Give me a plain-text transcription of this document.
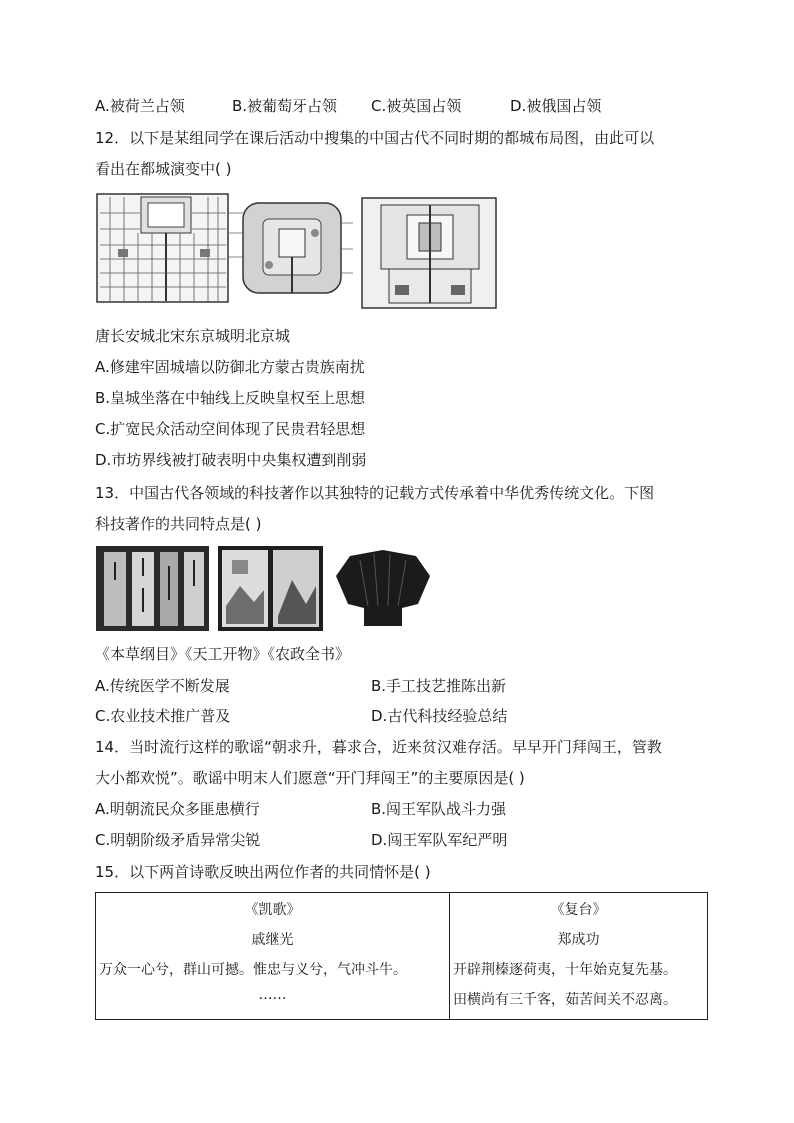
A.被荷兰占领	B.被葡萄牙占领 C.被英国占领	D.被俄国占领
12．以下是某组同学在课后活动中搜集的中国古代不同时期的都城布局图，由此可以
看出在都城演变中( )
唐长安城北宋东京城明北京城
A.修建牢固城墙以防御北方蒙古贵族南扰
B.皇城坐落在中轴线上反映皇权至上思想
C.扩宽民众活动空间体现了民贵君轻思想
D.市坊界线被打破表明中央集权遭到削弱
13．中国古代各领域的科技著作以其独特的记载方式传承着中华优秀传统文化。下图
科技著作的共同特点是( )
《本草纲目》《天工开物》《农政全书》
A.传统医学不断发展	B.手工技艺推陈出新
C.农业技术推广普及	D.古代科技经验总结
14．当时流行这样的歌谣“朝求升，暮求合，近来贫汉难存活。早早开门拜闯王，管教
大小都欢悦”。歌谣中明末人们愿意“开门拜闯王”的主要原因是( )
A.明朝流民众多匪患横行	B.闯王军队战斗力强
C.明朝阶级矛盾异常尖锐	D.闯王军队军纪严明
15．以下两首诗歌反映出两位作者的共同情怀是( )
《凯歌》
戚继光
万众一心兮，群山可撼。惟忠与义兮，气冲斗牛。
……

《复台》
郑成功
开辟荆榛逐荷夷，十年始克复先基。
田横尚有三千客，茹苦间关不忍离。
